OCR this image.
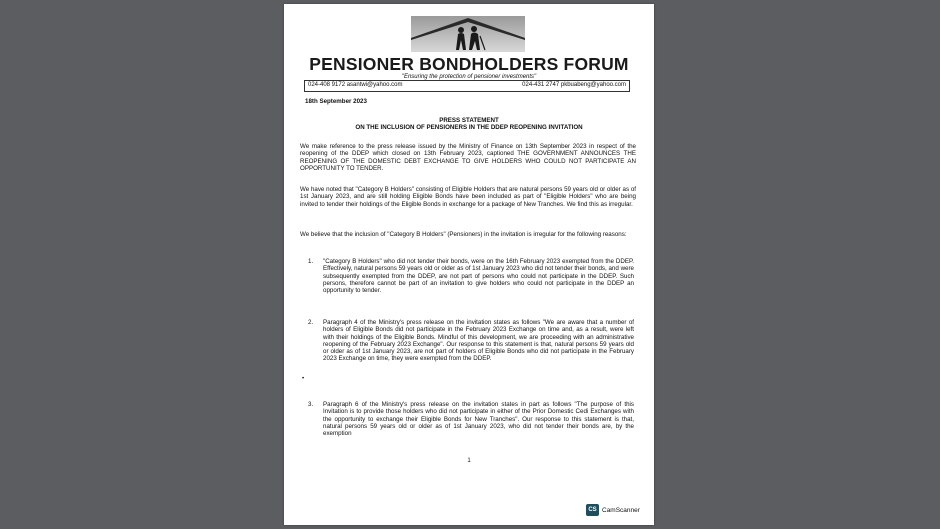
PENSIONER BONDHOLDERS FORUM
"Ensuring the protection of pensioner investments"
024-408 9172 asantwi@yahoo.com	024-431 2747 pkbuabeng@yahoo.com
18th September 2023
PRESS STATEMENT
ON THE INCLUSION OF PENSIONERS IN THE DDEP REOPENING INVITATION
We make reference to the press release issued by the Ministry of Finance on 13th September 2023 in respect of the reopening of the DDEP which closed on 13th February 2023, captioned THE GOVERNMENT ANNOUNCES THE REOPENING OF THE DOMESTIC DEBT EXCHANGE TO GIVE HOLDERS WHO COULD NOT PARTICIPATE AN OPPORTUNITY TO TENDER.
We have noted that "Category B Holders" consisting of Eligible Holders that are natural persons 59 years old or older as of 1st January 2023, and are still holding Eligible Bonds have been included as part of "Eligible Holders" who are being invited to tender their holdings of the Eligible Bonds in exchange for a package of New Tranches. We find this as irregular.
We believe that the inclusion of "Category B Holders" (Pensioners) in the invitation is irregular for the following reasons:
1. "Category B Holders" who did not tender their bonds, were on the 16th February 2023 exempted from the DDEP. Effectively, natural persons 59 years old or older as of 1st January 2023 who did not tender their bonds, and were subsequently exempted from the DDEP, are not part of persons who could not participate in the DDEP. Such persons, therefore cannot be part of an invitation to give holders who could not participate in the DDEP an opportunity to tender.
2. Paragraph 4 of the Ministry's press release on the invitation states as follows "We are aware that a number of holders of Eligible Bonds did not participate in the February 2023 Exchange on time and, as a result, were left with their holdings of the Eligible Bonds. Mindful of this development, we are proceeding with an administrative reopening of the February 2023 Exchange". Our response to this statement is that, natural persons 59 years old or older as of 1st January 2023, are not part of holders of Eligible Bonds who did not participate in the February 2023 Exchange on time, they were exempted from the DDEP.
3. Paragraph 6 of the Ministry's press release on the invitation states in part as follows "The purpose of this Invitation is to provide those holders who did not participate in either of the Prior Domestic Cedi Exchanges with the opportunity to exchange their Eligible Bonds for New Tranches". Our response to this statement is that, natural persons 59 years old or older as of 1st January 2023, who did not tender their bonds are, by the exemption
•
1
CS CamScanner
